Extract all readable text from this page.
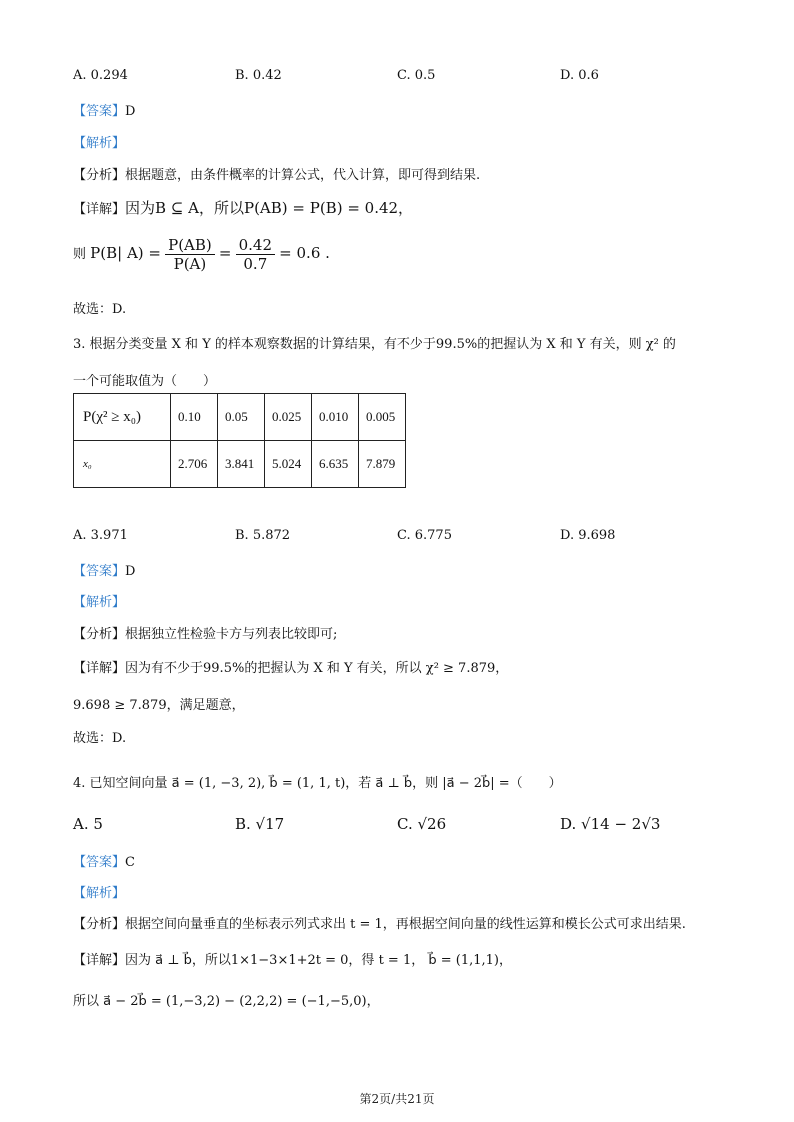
A. 0.294	B. 0.42	C. 0.5	D. 0.6
【答案】D
【解析】
【分析】根据题意，由条件概率的计算公式，代入计算，即可得到结果.
【详解】因为B ⊆ A，所以P(AB) = P(B) = 0.42，
则 P(B| $A) = \frac{P(AB)}{P(A)} = \frac{0.42}{0.7} = 0.6$ .
故选：D.
3. 根据分类变量 X 和 Y 的样本观察数据的计算结果，有不少于99.5%的把握认为 X 和 Y 有关，则 χ² 的
一个可能取值为（　　）
P(χ² ≥ x₀)	0.10	0.05	0.025	0.010	0.005
x₀	2.706	3.841	5.024	6.635	7.879
A. 3.971	B. 5.872	C. 6.775	D. 9.698
【答案】D
【解析】
【分析】根据独立性检验卡方与列表比较即可;
【详解】因为有不少于99.5%的把握认为 X 和 Y 有关，所以 χ² ≥ 7.879，
9.698 ≥ 7.879，满足题意，
故选：D.
4. 已知空间向量 a⃗ = (1, −3, 2), b⃗ = (1, 1, t)，若 a⃗ ⊥ b⃗，则 |a⃗ − 2b⃗| =（　　）
A. 5	B. √17	C. √26	D. √14 − 2√3
【答案】C
【解析】
【分析】根据空间向量垂直的坐标表示列式求出 t = 1，再根据空间向量的线性运算和模长公式可求出结果.
【详解】因为 a⃗ ⊥ b⃗，所以1×1−3×1+2t = 0，得 t = 1， b⃗ = (1,1,1)，
所以 a⃗ − 2b⃗ = (1,−3,2) − (2,2,2) = (−1,−5,0)，
第2页/共21页
